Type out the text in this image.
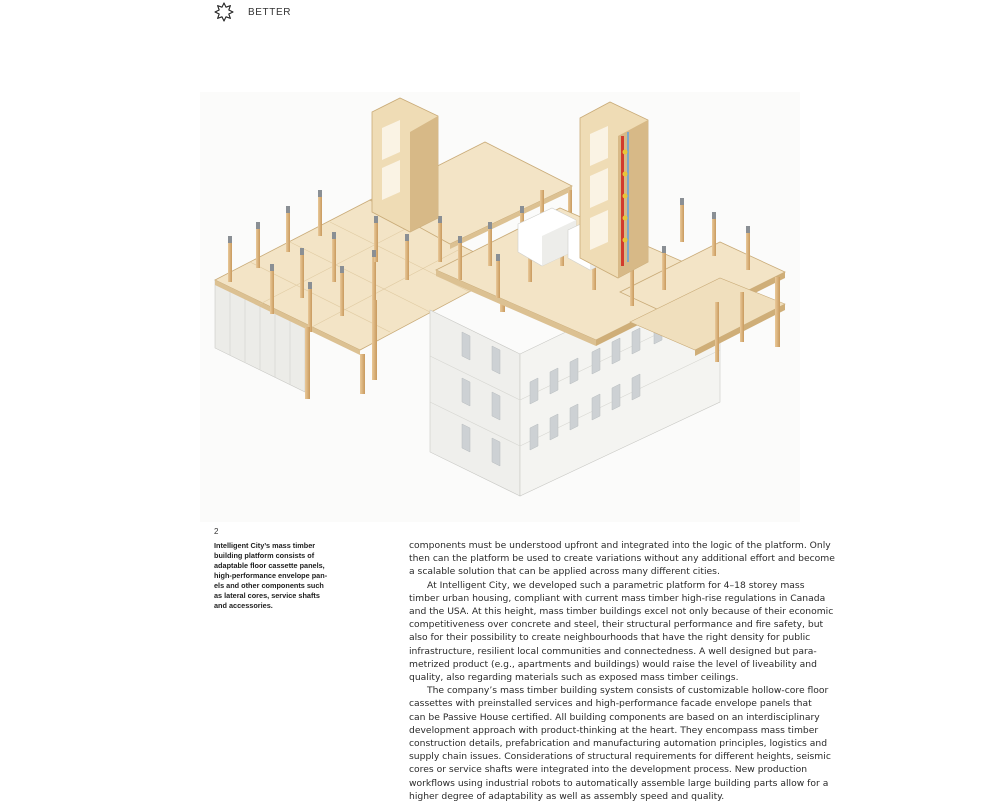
BETTER
2
Intelligent City’s mass timber
building platform consists of
adaptable floor cassette panels,
high-performance envelope pan-
els and other components such
as lateral cores, service shafts
and accessories.
components must be understood upfront and integrated into the logic of the platform. Only
then can the platform be used to create variations without any additional effort and become
a scalable solution that can be applied across many different cities.
At Intelligent City, we developed such a parametric platform for 4–18 storey mass
timber urban housing, compliant with current mass timber high-rise regulations in Canada
and the USA. At this height, mass timber buildings excel not only because of their economic
competitiveness over concrete and steel, their structural performance and fire safety, but
also for their possibility to create neighbourhoods that have the right density for public
infrastructure, resilient local communities and connectedness. A well designed but para-
metrized product (e.g., apartments and buildings) would raise the level of liveability and
quality, also regarding materials such as exposed mass timber ceilings.
The company’s mass timber building system consists of customizable hollow-core floor
cassettes with preinstalled services and high-performance facade envelope panels that
can be Passive House certified. All building components are based on an interdisciplinary
development approach with product-thinking at the heart. They encompass mass timber
construction details, prefabrication and manufacturing automation principles, logistics and
supply chain issues. Considerations of structural requirements for different heights, seismic
cores or service shafts were integrated into the development process. New production
workflows using industrial robots to automatically assemble large building parts allow for a
higher degree of adaptability as well as assembly speed and quality.
